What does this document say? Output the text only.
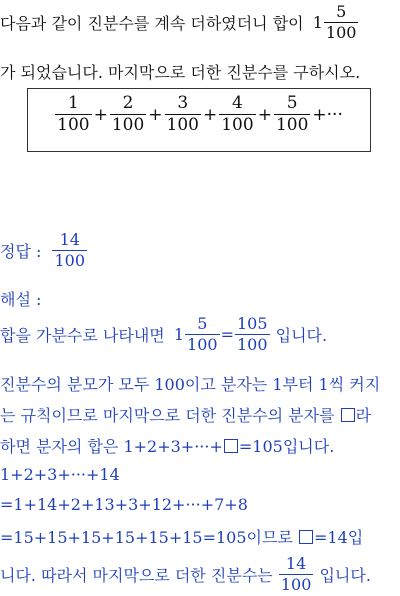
다음과 같이 진분수를 계속 더하였더니 합이 $1 \frac{5}{100}$
가 되었습니다. 마지막으로 더한 진분수를 구하시오.
$\frac{1}{100} + \frac{2}{100} + \frac{3}{100} + \frac{4}{100} + \frac{5}{100}$ +···
정답 : $\frac{14}{100}$
해설 :
합을 가분수로 나타내면 $1 \frac{5}{100} = \frac{105}{100}$ 입니다.
진분수의 분모가 모두 100이고 분자는 1부터 1씩 커지
는 규칙이므로 마지막으로 더한 진분수의 분자를 라
하면 분자의 합은 1+2+3+···+ =105입니다.
1+2+3+···+14
=1+14+2+13+3+12+···+7+8
=15+15+15+15+15+15=105이므로 =14입
니다. 따라서 마지막으로 더한 진분수는 $\frac{14}{100}$ 입니다.
